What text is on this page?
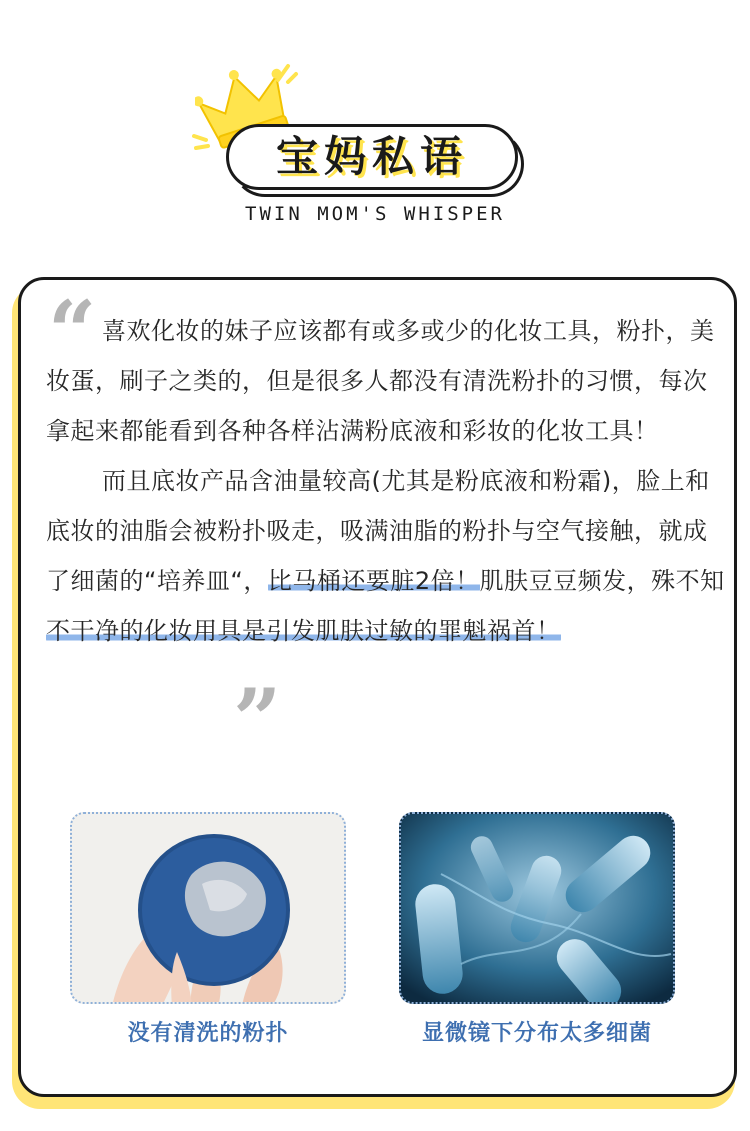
宝妈私语
TWIN MOM'S WHISPER
“ 喜欢化妆的妹子应该都有或多或少的化妆工具，粉扑，美妆蛋，刷子之类的，但是很多人都没有清洗粉扑的习惯，每次拿起来都能看到各种各样沾满粉底液和彩妆的化妆工具！

而且底妆产品含油量较高(尤其是粉底液和粉霜)，脸上和底妆的油脂会被粉扑吸走，吸满油脂的粉扑与空气接触，就成了细菌的“培养皿“，比马桶还要脏2倍！肌肤豆豆频发，殊不知不干净的化妆用具是引发肌肤过敏的罪魁祸首！

”
没有清洗的粉扑	显微镜下分布太多细菌
